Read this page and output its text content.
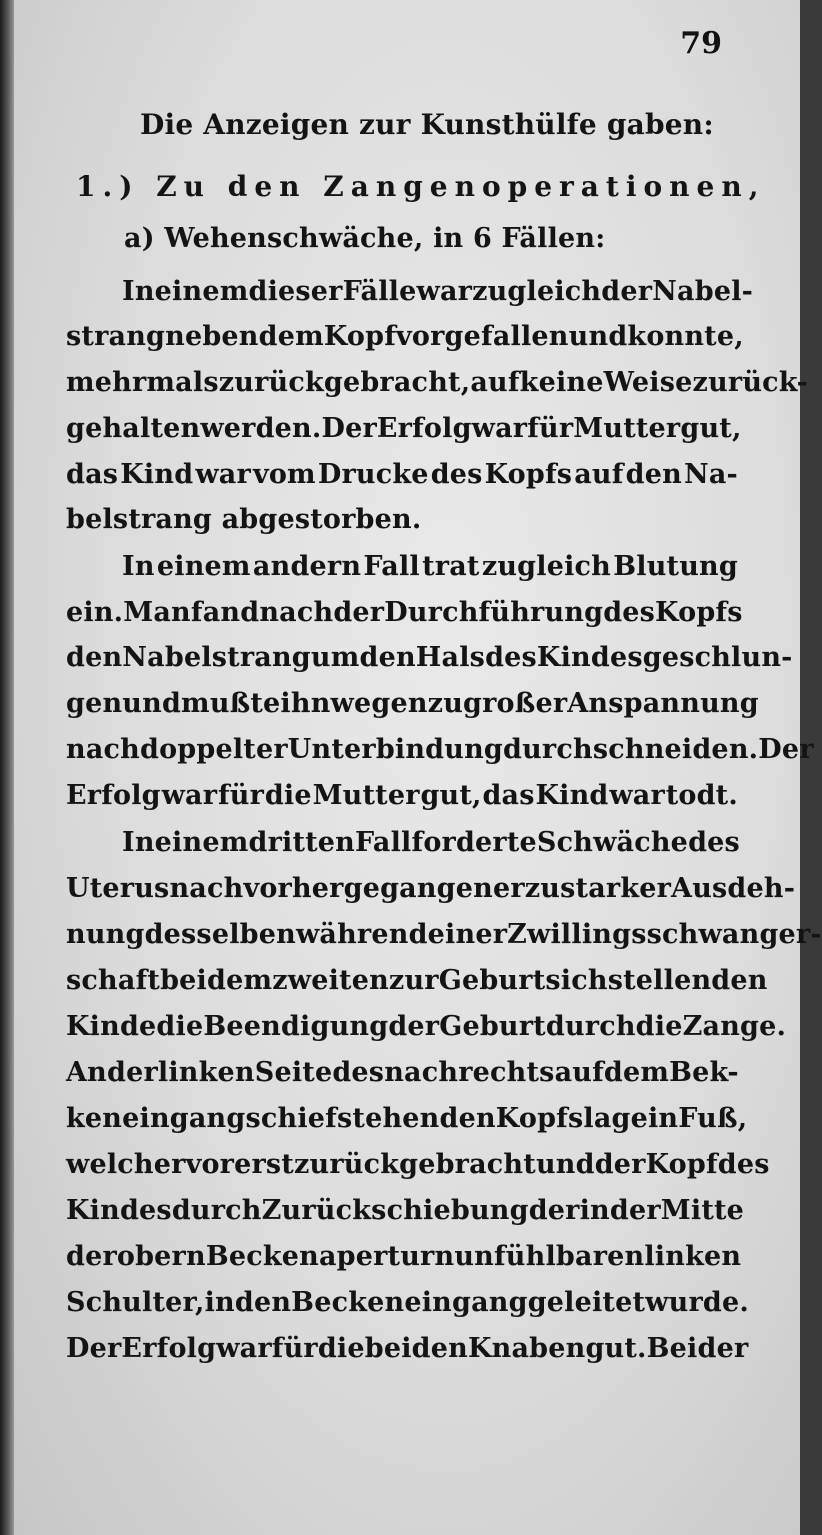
79
Die Anzeigen zur Kunsthülfe gaben:
1.) Zu den Zangenoperationen,
a) Wehenschwäche, in 6 Fällen:
In einem dieser Fälle war zugleich der Nabel-
strang neben dem Kopf vorgefallen und konnte,
mehrmals zurückgebracht, auf keine Weise zurück-
gehalten werden. Der Erfolg war für Mutter gut,
das Kind war vom Drucke des Kopfs auf den Na-
belstrang abgestorben.
In einem andern Fall trat zugleich Blutung
ein. Man fand nach der Durchführung des Kopfs
den Nabelstrang um den Hals des Kindes geschlun-
gen und mußte ihn wegen zu großer Anspannung
nach doppelter Unterbindung durchschneiden. Der
Erfolg war für die Mutter gut, das Kind war todt.
In einem dritten Fall forderte Schwäche des
Uterus nach vorhergegangener zu starker Ausdeh-
nung desselben während einer Zwillingsschwanger-
schaft bei dem zweiten zur Geburt sich stellenden
Kinde die Beendigung der Geburt durch die Zange.
An der linken Seite des nach rechts auf dem Bek-
keneingang schief stehenden Kopfs lag ein Fuß,
welcher vorerst zurückgebracht und der Kopf des
Kindes durch Zurückschiebung der in der Mitte
der obern Beckenapertur nun fühlbaren linken
Schulter, in den Beckeneingang geleitet wurde.
Der Erfolg war für die beiden Knaben gut. Bei der
